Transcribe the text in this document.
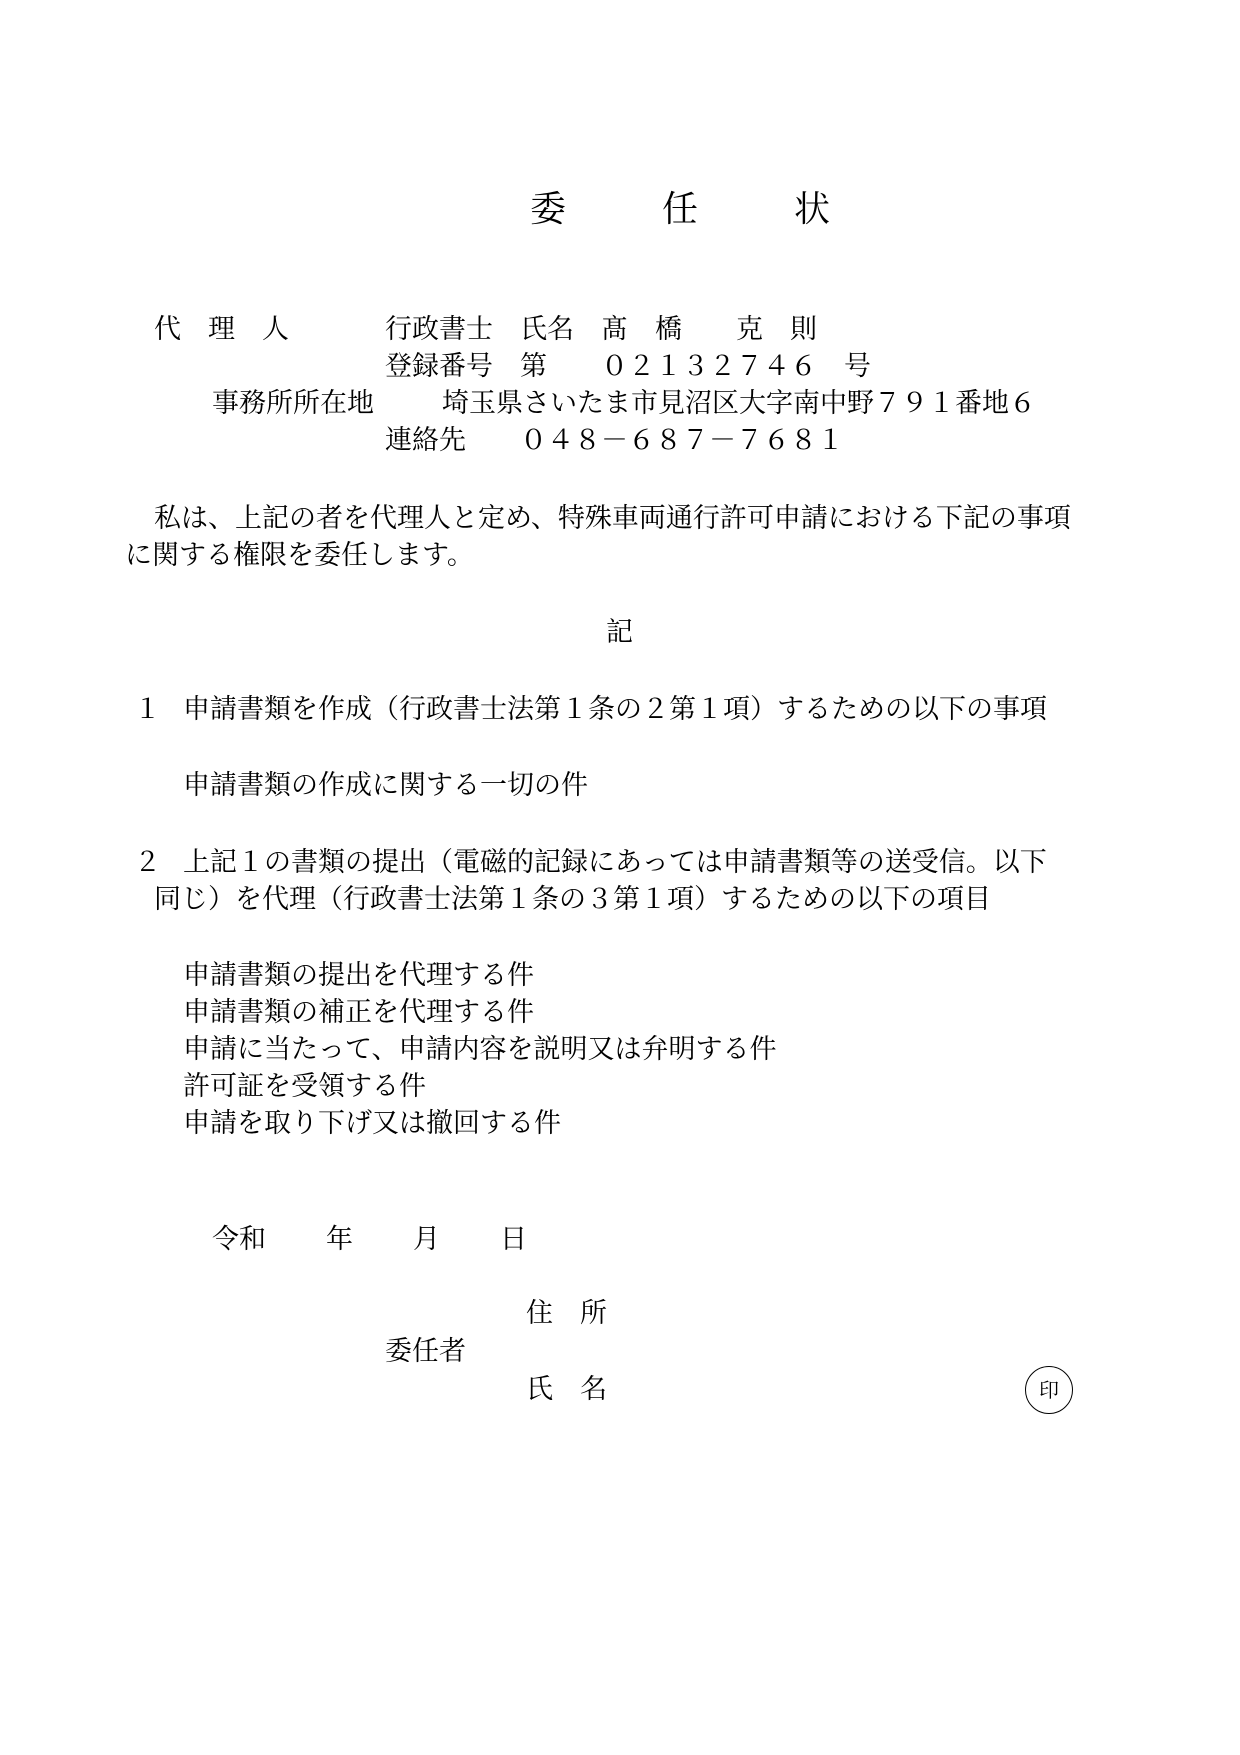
委　任　状
代　理　人	行政書士　氏名　髙　橋　　克　則
登録番号　第　　０２１３２７４６　号
事務所所在地	埼玉県さいたま市見沼区大字南中野７９１番地６
連絡先　　０４８－６８７－７６８１
私は、上記の者を代理人と定め、特殊車両通行許可申請における下記の事項
に関する権限を委任します。
記
１ 申請書類を作成（行政書士法第１条の２第１項）するための以下の事項
申請書類の作成に関する一切の件
２ 上記１の書類の提出（電磁的記録にあっては申請書類等の送受信。以下
同じ）を代理（行政書士法第１条の３第１項）するための以下の項目
申請書類の提出を代理する件
申請書類の補正を代理する件
申請に当たって、申請内容を説明又は弁明する件
許可証を受領する件
申請を取り下げ又は撤回する件
令和 年 月 日
住　所
委任者
氏　名	印
